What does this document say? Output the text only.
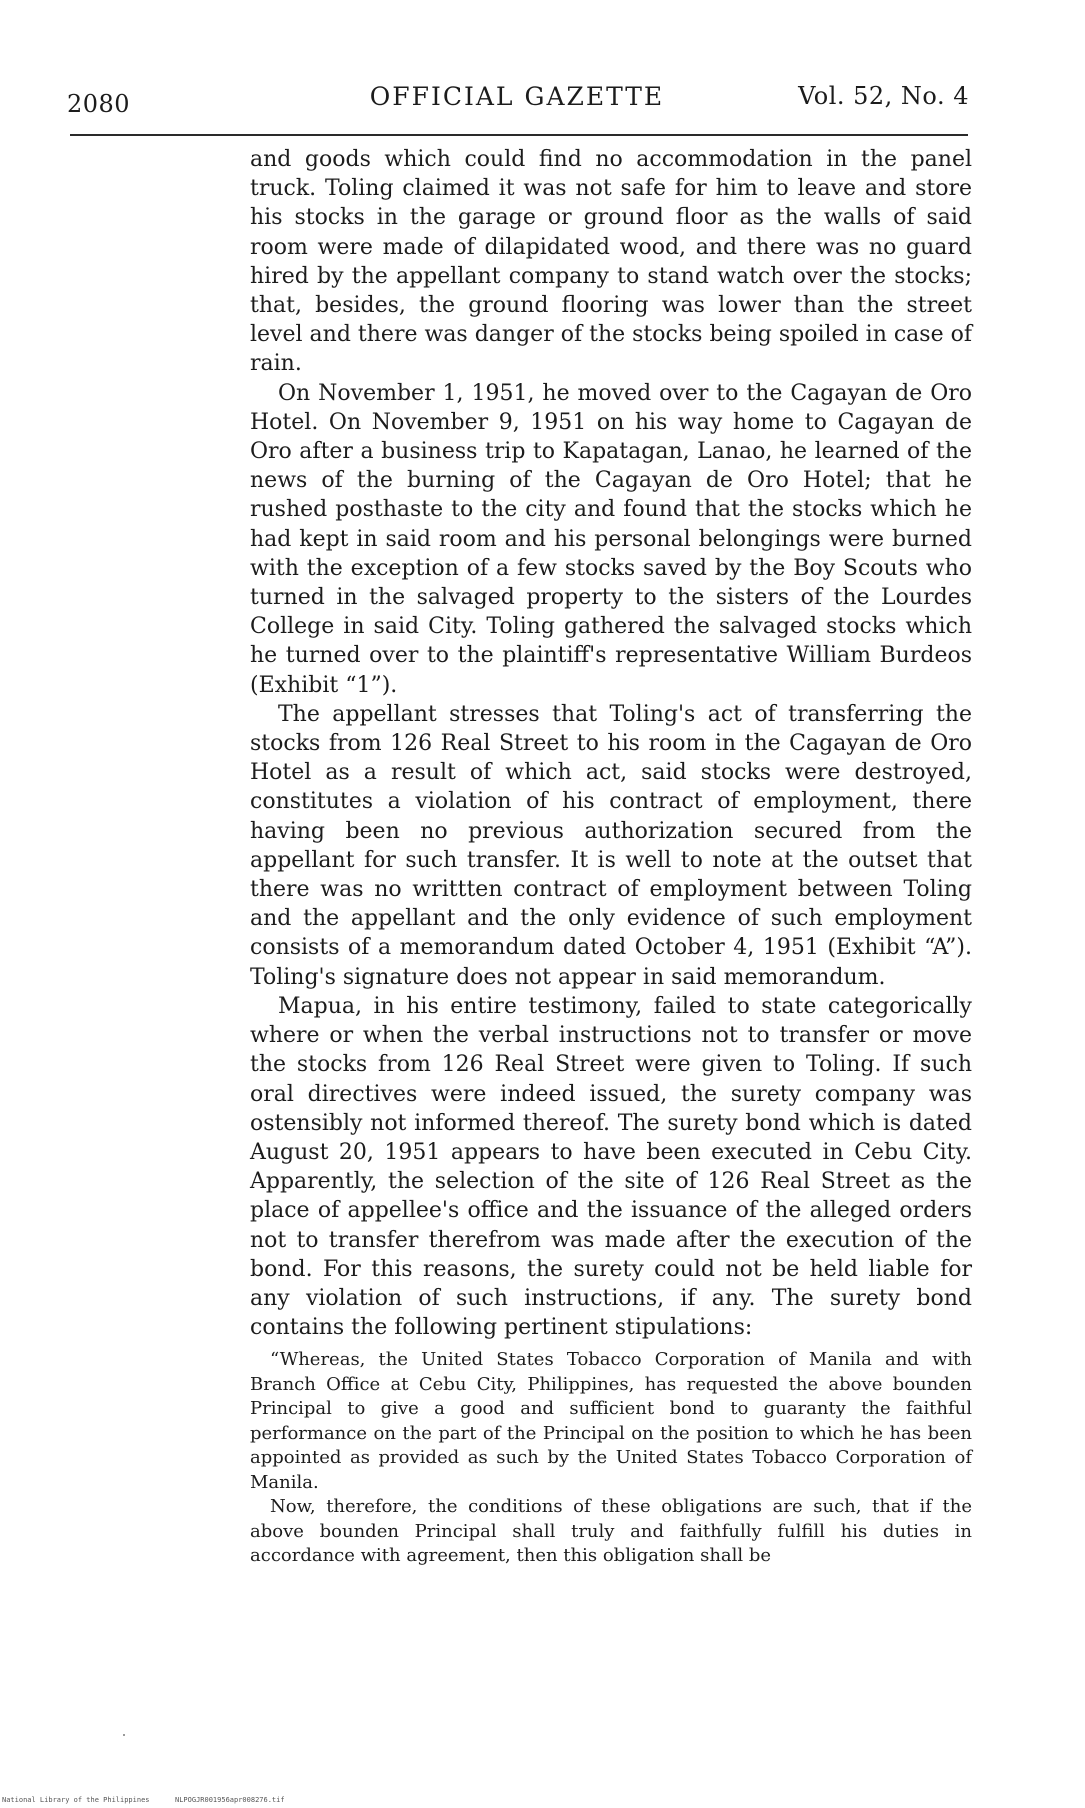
2080	OFFICIAL GAZETTE	Vol. 52, No. 4

and goods which could find no accommodation in the panel truck. Toling claimed it was not safe for him to leave and store his stocks in the garage or ground floor as the walls of said room were made of dilapidated wood, and there was no guard hired by the appellant company to stand watch over the stocks; that, besides, the ground flooring was lower than the street level and there was danger of the stocks being spoiled in case of rain.

On November 1, 1951, he moved over to the Cagayan de Oro Hotel. On November 9, 1951 on his way home to Cagayan de Oro after a business trip to Kapatagan, Lanao, he learned of the news of the burning of the Cagayan de Oro Hotel; that he rushed posthaste to the city and found that the stocks which he had kept in said room and his personal belongings were burned with the exception of a few stocks saved by the Boy Scouts who turned in the salvaged property to the sisters of the Lourdes College in said City. Toling gathered the salvaged stocks which he turned over to the plaintiff's representative William Burdeos (Exhibit “1”).

The appellant stresses that Toling's act of transferring the stocks from 126 Real Street to his room in the Cagayan de Oro Hotel as a result of which act, said stocks were destroyed, constitutes a violation of his contract of employment, there having been no previous authorization secured from the appellant for such transfer. It is well to note at the outset that there was no writtten contract of employment between Toling and the appellant and the only evidence of such employment consists of a memorandum dated October 4, 1951 (Exhibit “A”). Toling's signature does not appear in said memorandum.

Mapua, in his entire testimony, failed to state categorically where or when the verbal instructions not to transfer or move the stocks from 126 Real Street were given to Toling. If such oral directives were indeed issued, the surety company was ostensibly not informed thereof. The surety bond which is dated August 20, 1951 appears to have been executed in Cebu City. Apparently, the selection of the site of 126 Real Street as the place of appellee's office and the issuance of the alleged orders not to transfer therefrom was made after the execution of the bond. For this reasons, the surety could not be held liable for any violation of such instructions, if any. The surety bond contains the following pertinent stipulations:

“Whereas, the United States Tobacco Corporation of Manila and with Branch Office at Cebu City, Philippines, has requested the above bounden Principal to give a good and sufficient bond to guaranty the faithful performance on the part of the Principal on the position to which he has been appointed as provided as such by the United States Tobacco Corporation of Manila.

Now, therefore, the conditions of these obligations are such, that if the above bounden Principal shall truly and faithfully fulfill his duties in accordance with agreement, then this obligation shall be

National Library of the Philippines	NLPOGJR001956apr008276.tif
